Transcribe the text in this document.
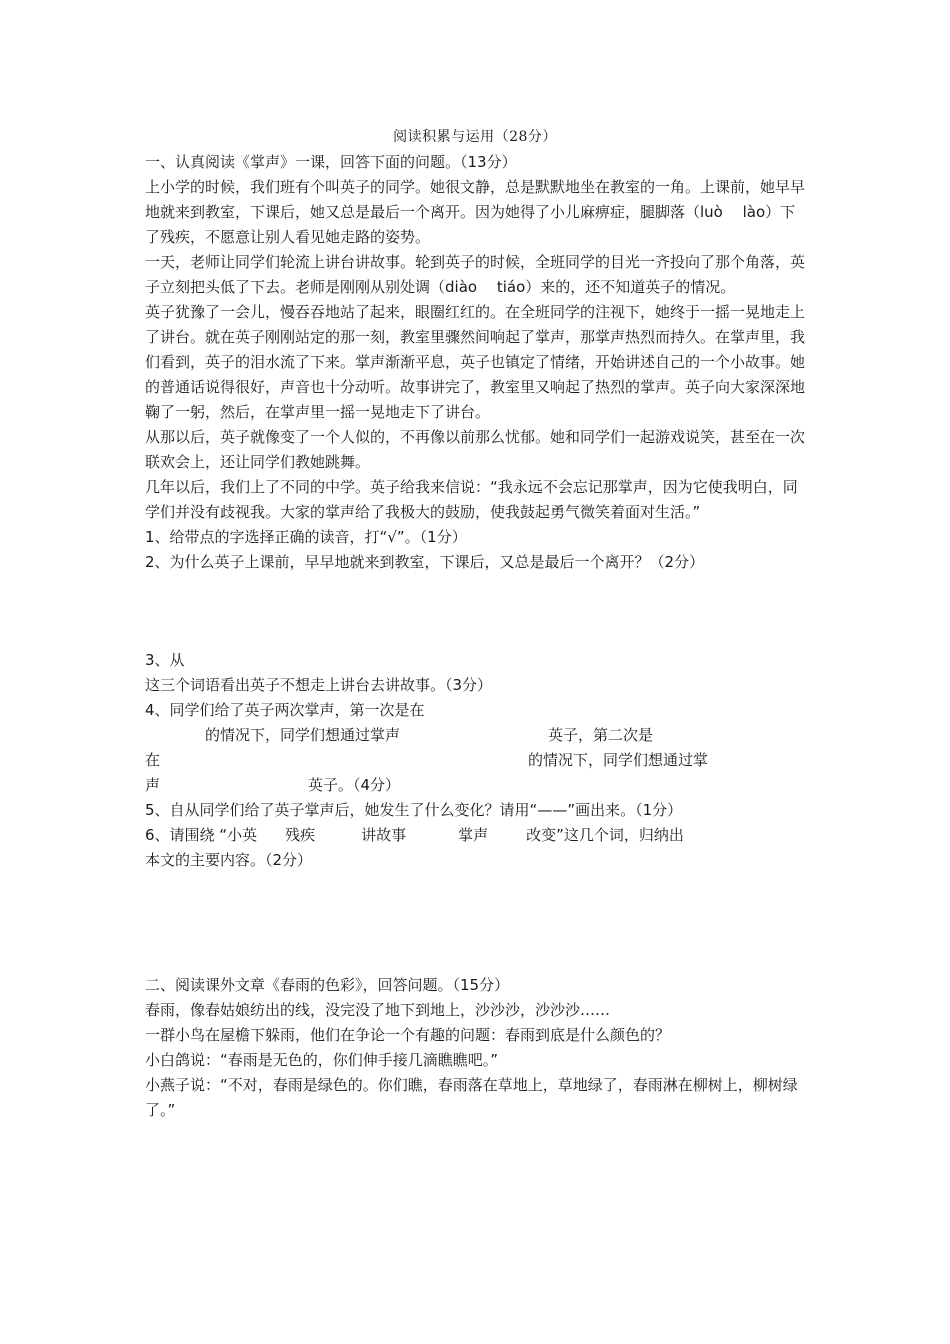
阅读积累与运用（28分）

一、认真阅读《掌声》一课，回答下面的问题。（13分）

上小学的时候，我们班有个叫英子的同学。她很文静，总是默默地坐在教室的一角。上课前，她早早地就来到教室，下课后，她又总是最后一个离开。因为她得了小儿麻痹症，腿脚落（luò　 lào）下了残疾，不愿意让别人看见她走路的姿势。

一天，老师让同学们轮流上讲台讲故事。轮到英子的时候，全班同学的目光一齐投向了那个角落，英子立刻把头低了下去。老师是刚刚从别处调（diào　 tiáo）来的，还不知道英子的情况。

英子犹豫了一会儿，慢吞吞地站了起来，眼圈红红的。在全班同学的注视下，她终于一摇一晃地走上了讲台。就在英子刚刚站定的那一刻，教室里骤然间响起了掌声，那掌声热烈而持久。在掌声里，我们看到，英子的泪水流了下来。掌声渐渐平息，英子也镇定了情绪，开始讲述自己的一个小故事。她的普通话说得很好，声音也十分动听。故事讲完了，教室里又响起了热烈的掌声。英子向大家深深地鞠了一躬，然后，在掌声里一摇一晃地走下了讲台。

从那以后，英子就像变了一个人似的，不再像以前那么忧郁。她和同学们一起游戏说笑，甚至在一次联欢会上，还让同学们教她跳舞。

几年以后，我们上了不同的中学。英子给我来信说：“我永远不会忘记那掌声，因为它使我明白，同学们并没有歧视我。大家的掌声给了我极大的鼓励，使我鼓起勇气微笑着面对生活。”

1、给带点的字选择正确的读音，打“√”。（1分）

2、为什么英子上课前，早早地就来到教室，下课后，又总是最后一个离开？（2分）

3、从

这三个词语看出英子不想走上讲台去讲故事。（3分）

4、同学们给了英子两次掌声，第一次是在

的情况下，同学们想通过掌声	英子，第二次是

在	的情况下，同学们想通过掌

声	英子。（4分）

5、自从同学们给了英子掌声后，她发生了什么变化？请用“——”画出来。（1分）

6、请围绕 “小英 残疾	讲故事	掌声	改变”这几个词，归纳出

本文的主要内容。（2分）

二、阅读课外文章《春雨的色彩》，回答问题。（15分）

春雨，像春姑娘纺出的线，没完没了地下到地上，沙沙沙，沙沙沙……

一群小鸟在屋檐下躲雨，他们在争论一个有趣的问题：春雨到底是什么颜色的？

小白鸽说：“春雨是无色的，你们伸手接几滴瞧瞧吧。”

小燕子说：“不对，春雨是绿色的。你们瞧，春雨落在草地上，草地绿了，春雨淋在柳树上，柳树绿了。”
